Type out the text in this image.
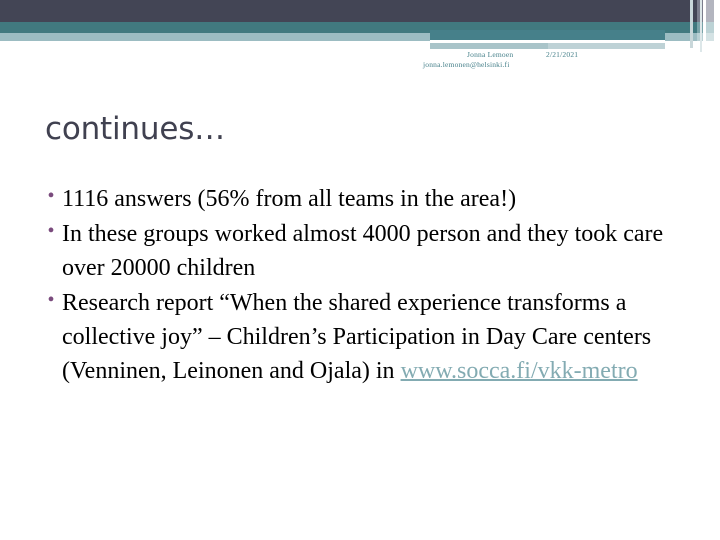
Jonna Lemoen	2/21/2021
jonna.lemonen@helsinki.fi
continues…
• 1116 answers (56% from all teams in the area!)
• In these groups worked almost 4000 person and they took care over 20000 children
• Research report “When the shared experience transforms a collective joy” – Children’s Participation in Day Care centers (Venninen, Leinonen and Ojala) in www.socca.fi/vkk-metro
